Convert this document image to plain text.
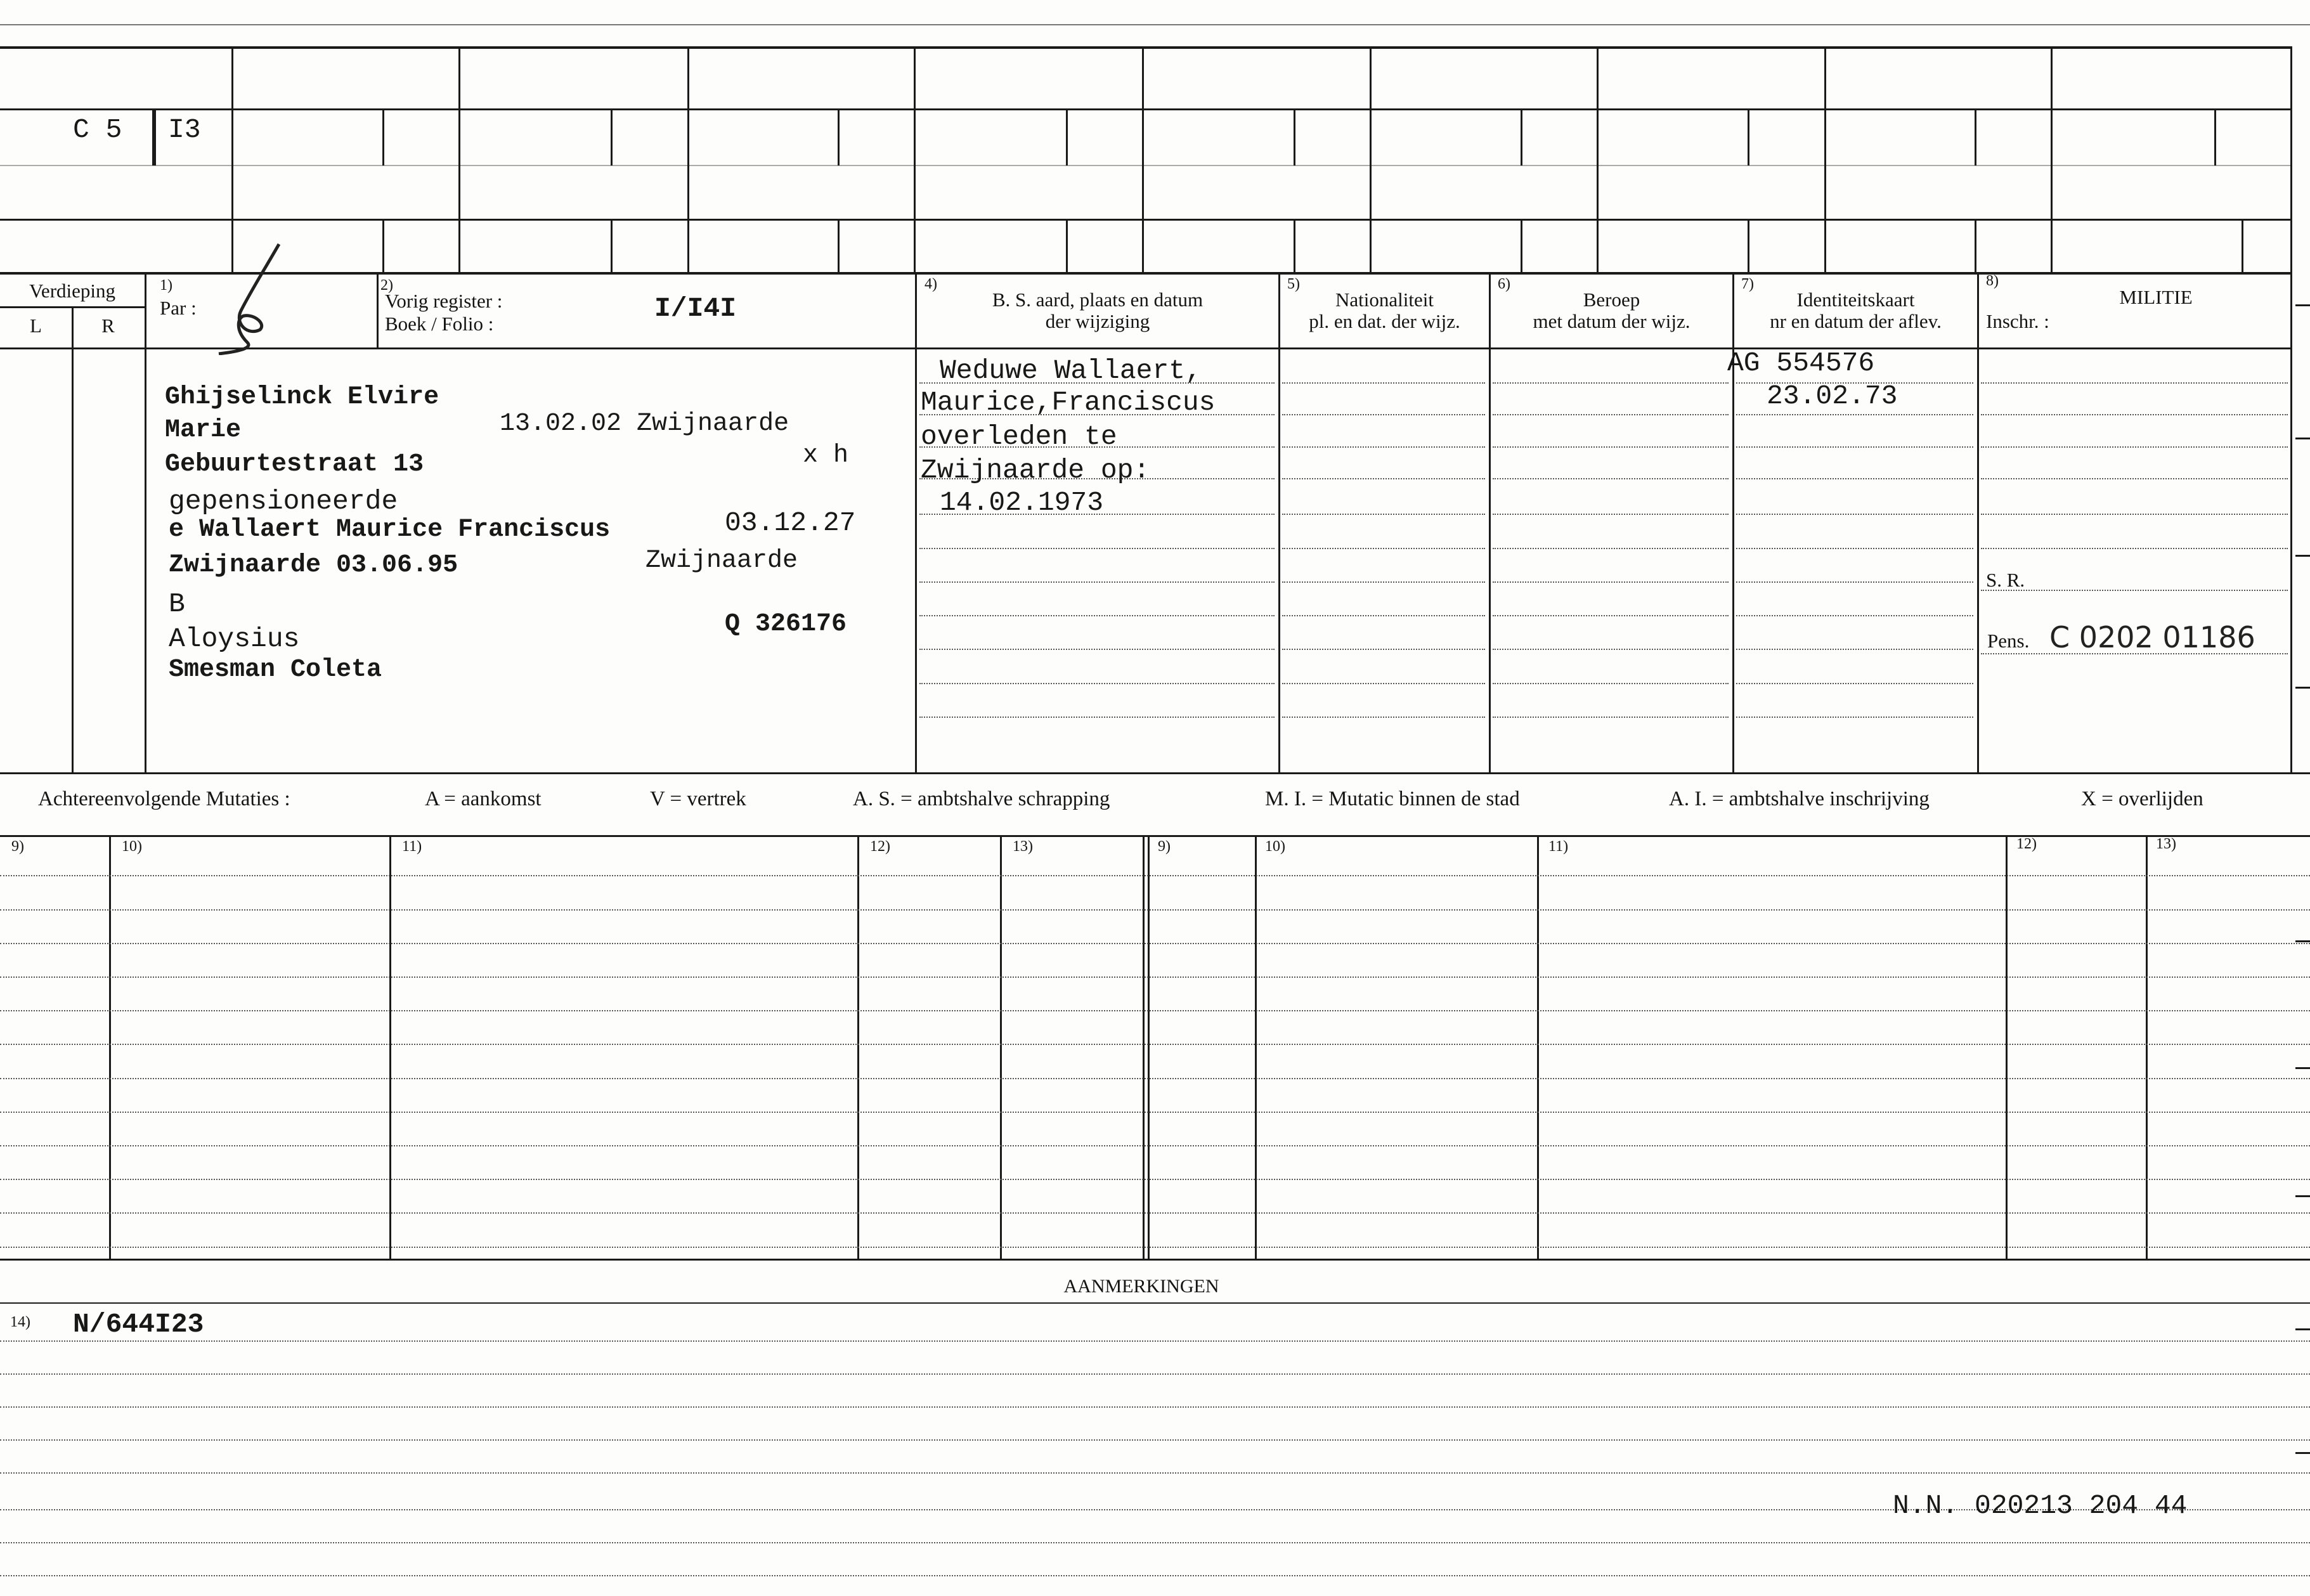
C 5 I3
Verdieping
L	R
1)
Par :
2)
Vorig register :
Boek / Folio :	I/I4I
4)
B. S. aard, plaats en datum
der wijziging
5)
Nationaliteit
pl. en dat. der wijz.
6)
Beroep
met datum der wijz.
7)
Identiteitskaart
nr en datum der aflev.
8)
MILITIE
Inschr. :
Ghijselinck Elvire
Marie	13.02.02 Zwijnaarde
Gebuurtestraat 13	x h
gepensioneerde
e Wallaert Maurice Franciscus	03.12.27
Zwijnaarde 03.06.95	Zwijnaarde
B
Aloysius	Q 326176
Smesman Coleta
Weduwe Wallaert,
Maurice,Franciscus
overleden te
Zwijnaarde op:
14.02.1973
AG 554576
23.02.73
S. R.
Pens. C 0202 01186
Achtereenvolgende Mutaties :	A = aankomst	V = vertrek	A. S. = ambtshalve schrapping	M. I. = Mutatic binnen de stad	A. I. = ambtshalve inschrijving	X = overlijden
9)	10)	11)	12)	13)	9)	10)	11)	12)	13)
AANMERKINGEN
14) N/644I23
N.N. 020213 204 44
